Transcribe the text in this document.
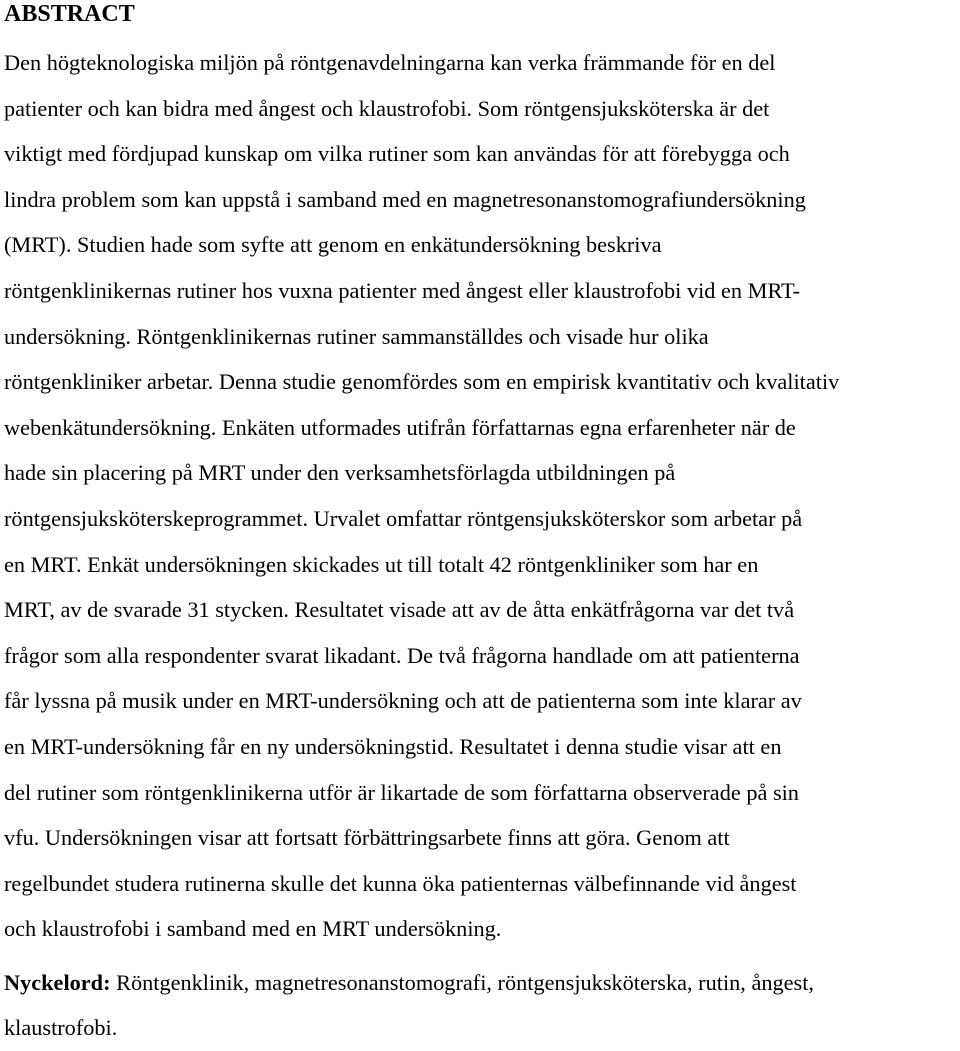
ABSTRACT
Den högteknologiska miljön på röntgenavdelningarna kan verka främmande för en del
patienter och kan bidra med ångest och klaustrofobi. Som röntgensjuksköterska är det
viktigt med fördjupad kunskap om vilka rutiner som kan användas för att förebygga och
lindra problem som kan uppstå i samband med en magnetresonanstomografiundersökning
(MRT). Studien hade som syfte att genom en enkätundersökning beskriva
röntgenklinikernas rutiner hos vuxna patienter med ångest eller klaustrofobi vid en MRT-
undersökning. Röntgenklinikernas rutiner sammanställdes och visade hur olika
röntgenkliniker arbetar. Denna studie genomfördes som en empirisk kvantitativ och kvalitativ
webenkätundersökning. Enkäten utformades utifrån författarnas egna erfarenheter när de
hade sin placering på MRT under den verksamhetsförlagda utbildningen på
röntgensjuksköterskeprogrammet. Urvalet omfattar röntgensjuksköterskor som arbetar på
en MRT. Enkät undersökningen skickades ut till totalt 42 röntgenkliniker som har en
MRT, av de svarade 31 stycken. Resultatet visade att av de åtta enkätfrågorna var det två
frågor som alla respondenter svarat likadant. De två frågorna handlade om att patienterna
får lyssna på musik under en MRT-undersökning och att de patienterna som inte klarar av
en MRT-undersökning får en ny undersökningstid. Resultatet i denna studie visar att en
del rutiner som röntgenklinikerna utför är likartade de som författarna observerade på sin
vfu. Undersökningen visar att fortsatt förbättringsarbete finns att göra. Genom att
regelbundet studera rutinerna skulle det kunna öka patienternas välbefinnande vid ångest
och klaustrofobi i samband med en MRT undersökning.
Nyckelord: Röntgenklinik, magnetresonanstomografi, röntgensjuksköterska, rutin, ångest,
klaustrofobi.
